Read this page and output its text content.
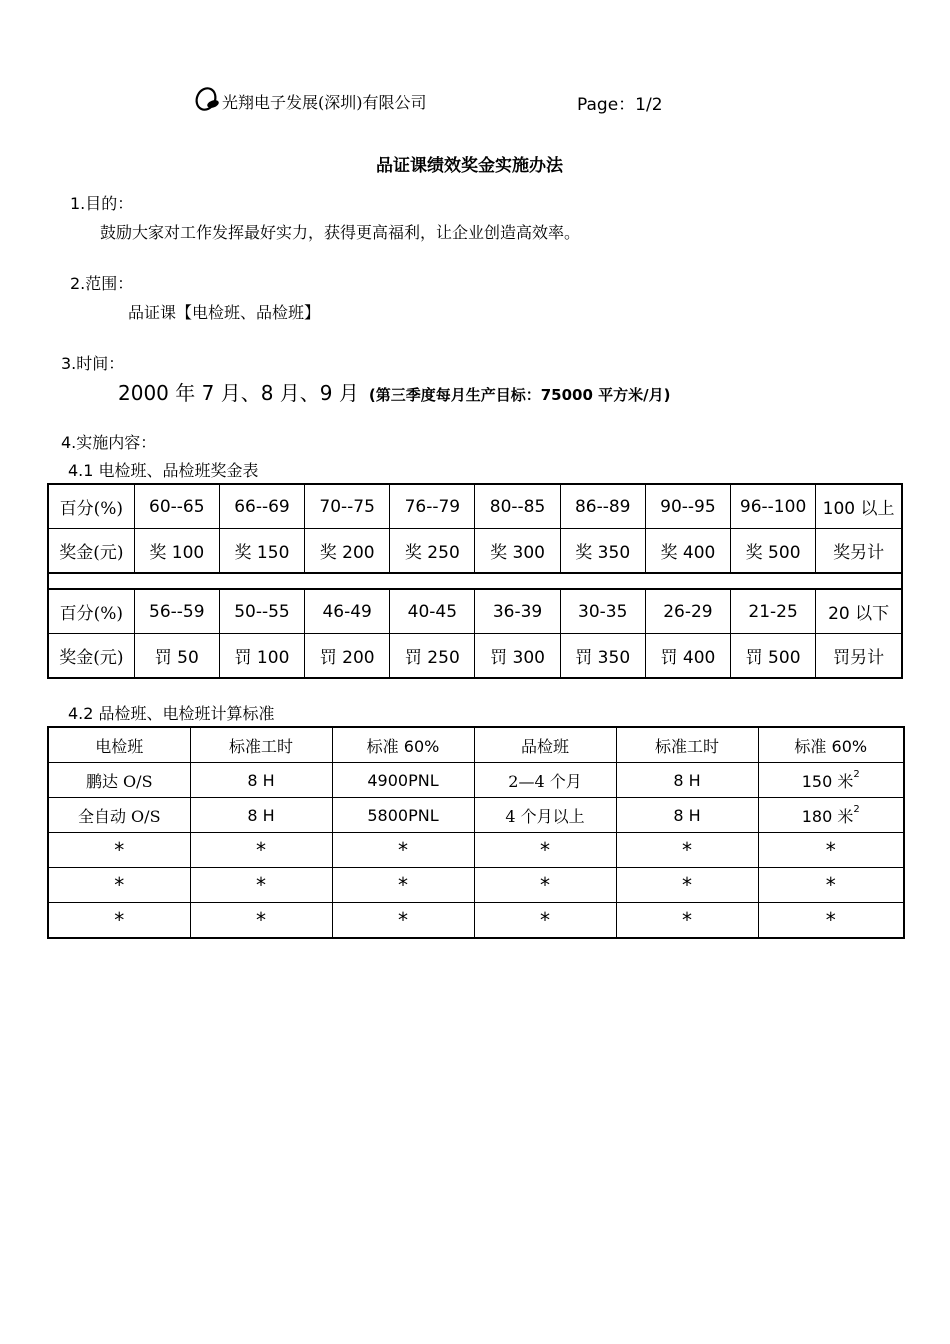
光翔电子发展(深圳)有限公司	Page：1/2
品证课绩效奖金实施办法
1.目的：
鼓励大家对工作发挥最好实力，获得更高福利，让企业创造高效率。
2.范围：
品证课【电检班、品检班】
3.时间：
2000 年 7 月、8 月、9 月 (第三季度每月生产目标：75000 平方米/月)
4.实施内容：
4.1 电检班、品检班奖金表
百分(%)	60--65	66--69	70--75	76--79	80--85	86--89	90--95	96--100	100 以上
奖金(元)	奖 100	奖 150	奖 200	奖 250	奖 300	奖 350	奖 400	奖 500	奖另计

百分(%)	56--59	50--55	46-49	40-45	36-39	30-35	26-29	21-25	20 以下
奖金(元)	罚 50	罚 100	罚 200	罚 250	罚 300	罚 350	罚 400	罚 500	罚另计
4.2 品检班、电检班计算标准
电检班	标准工时	标准 60%	品检班	标准工时	标准 60%
鹏达 O/S	8 H	4900PNL	2—4 个月	8 H	150 米$^2$
全自动 O/S	8 H	5800PNL	4 个月以上	8 H	180 米$^2$
*	*	*	*	*	*
*	*	*	*	*	*
*	*	*	*	*	*
